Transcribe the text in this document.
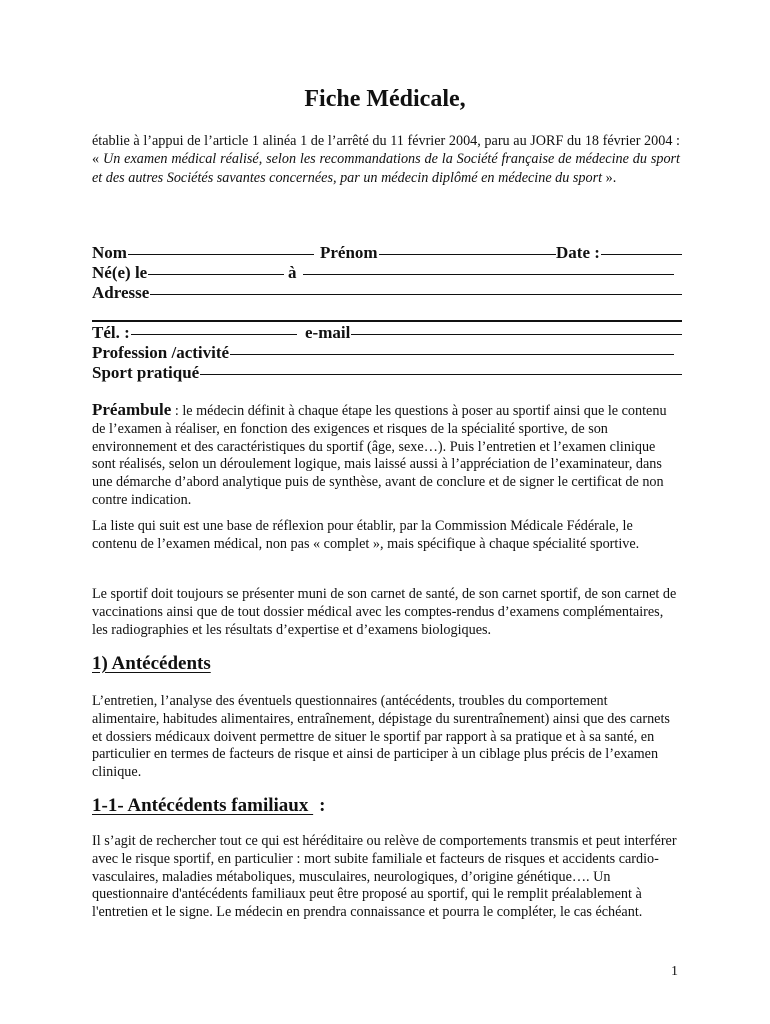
Fiche Médicale,

établie à l’appui de l’article 1 alinéa 1 de l’arrêté du 11 février 2004, paru au JORF du 18 février 2004 : « Un examen médical réalisé, selon les recommandations de la Société française de médecine du sport et des autres Sociétés savantes concernées, par un médecin diplômé en médecine du sport ».

Nom	Prénom	Date :
Né(e) le	à
Adresse
Tél. :	e-mail
Profession /activité
Sport pratiqué

Préambule : le médecin définit à chaque étape les questions à poser au sportif ainsi que le contenu de l’examen à réaliser, en fonction des exigences et risques de la spécialité sportive, de son environnement et des caractéristiques du sportif (âge, sexe…). Puis l’entretien et l’examen clinique sont réalisés, selon un déroulement logique, mais laissé aussi à l’appréciation de l’examinateur, dans une démarche d’abord analytique puis de synthèse, avant de conclure et de signer le certificat de non contre indication.

La liste qui suit est une base de réflexion pour établir, par la Commission Médicale Fédérale, le contenu de l’examen médical, non pas « complet », mais spécifique à chaque spécialité sportive.

Le sportif doit toujours se présenter muni de son carnet de santé, de son carnet sportif, de son carnet de vaccinations ainsi que de tout dossier médical avec les comptes-rendus d’examens complémentaires, les radiographies et les résultats d’expertise et d’examens biologiques.

1) Antécédents

L’entretien, l’analyse des éventuels questionnaires (antécédents, troubles du comportement alimentaire, habitudes alimentaires, entraînement, dépistage du surentraînement) ainsi que des carnets et dossiers médicaux doivent permettre de situer le sportif par rapport à sa pratique et à sa santé, en particulier en termes de facteurs de risque et ainsi de participer à un ciblage plus précis de l’examen clinique.

1-1- Antécédents familiaux :

Il s’agit de rechercher tout ce qui est héréditaire ou relève de comportements transmis et peut interférer avec le risque sportif, en particulier : mort subite familiale et facteurs de risques et accidents cardio-vasculaires, maladies métaboliques, musculaires, neurologiques, d’origine génétique…. Un questionnaire d'antécédents familiaux peut être proposé au sportif, qui le remplit préalablement à l'entretien et le signe. Le médecin en prendra connaissance et pourra le compléter, le cas échéant.

1
